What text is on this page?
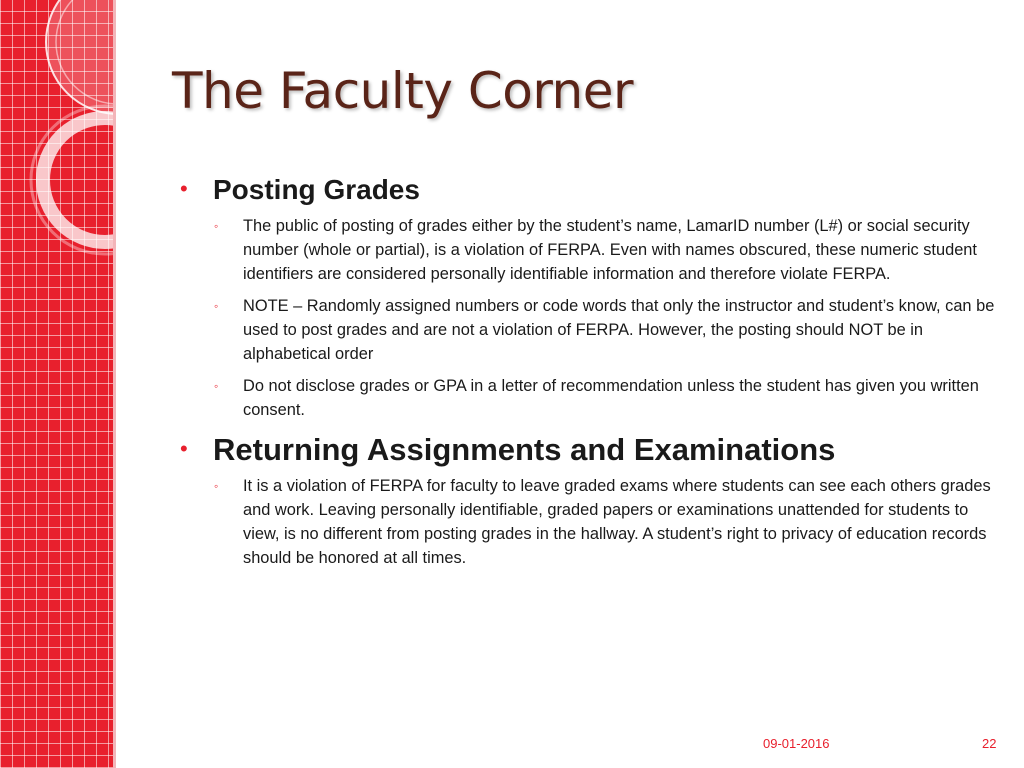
The Faculty Corner
• Posting Grades
◦ The public of posting of grades either by the student’s name, LamarID number (L#) or social security number (whole or partial), is a violation of FERPA. Even with names obscured, these numeric student identifiers are considered personally identifiable information and therefore violate FERPA.
◦ NOTE – Randomly assigned numbers or code words that only the instructor and student’s know, can be used to post grades and are not a violation of FERPA. However, the posting should NOT be in alphabetical order
◦ Do not disclose grades or GPA in a letter of recommendation unless the student has given you written consent.
• Returning Assignments and Examinations
◦ It is a violation of FERPA for faculty to leave graded exams where students can see each others grades and work. Leaving personally identifiable, graded papers or examinations unattended for students to view, is no different from posting grades in the hallway. A student’s right to privacy of education records should be honored at all times.
09-01-2016	22
